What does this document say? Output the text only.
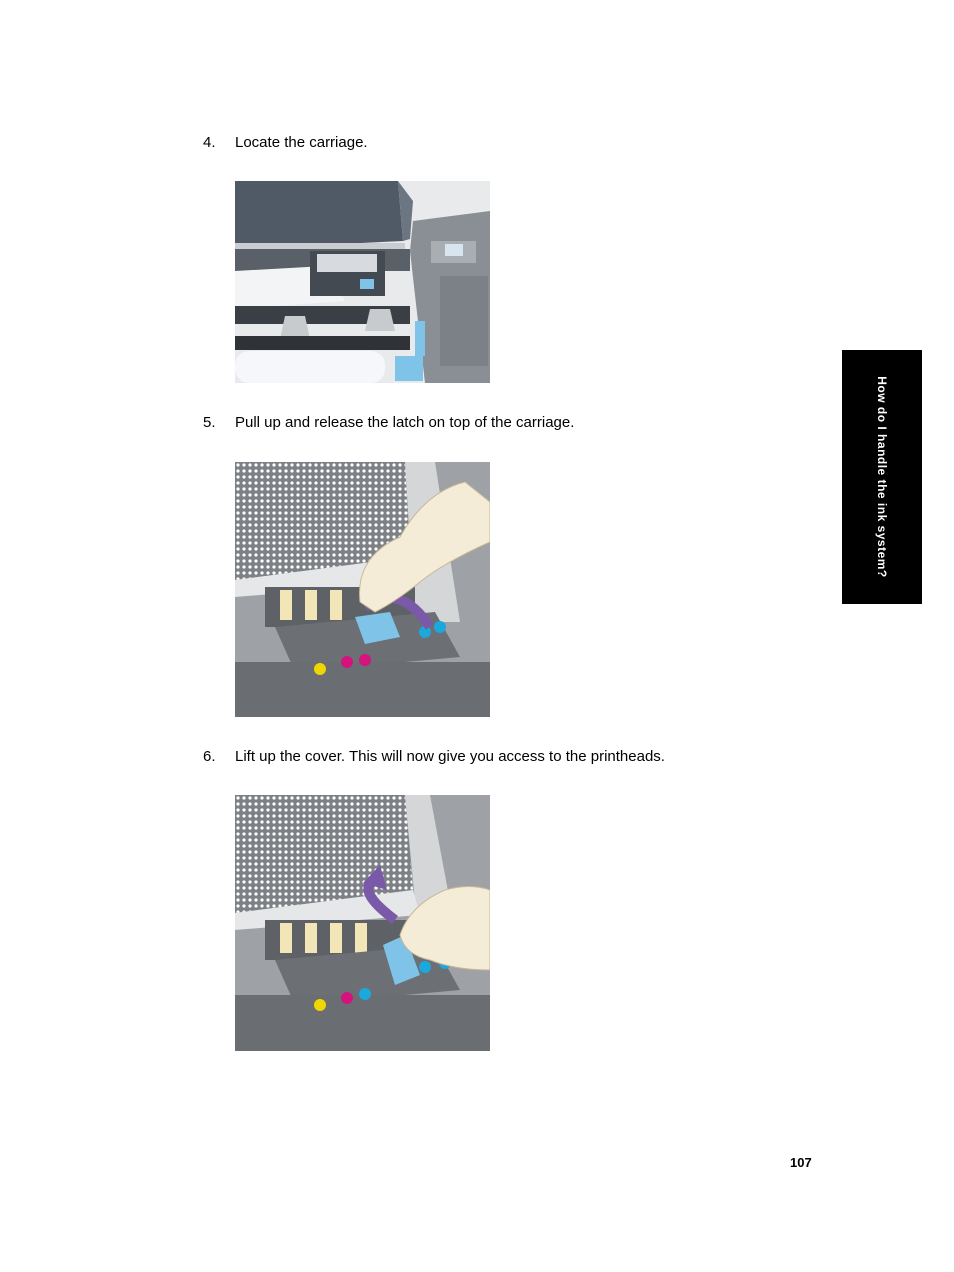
4. Locate the carriage.
5. Pull up and release the latch on top of the carriage.
6. Lift up the cover. This will now give you access to the printheads.
How do I handle the ink system?
107
